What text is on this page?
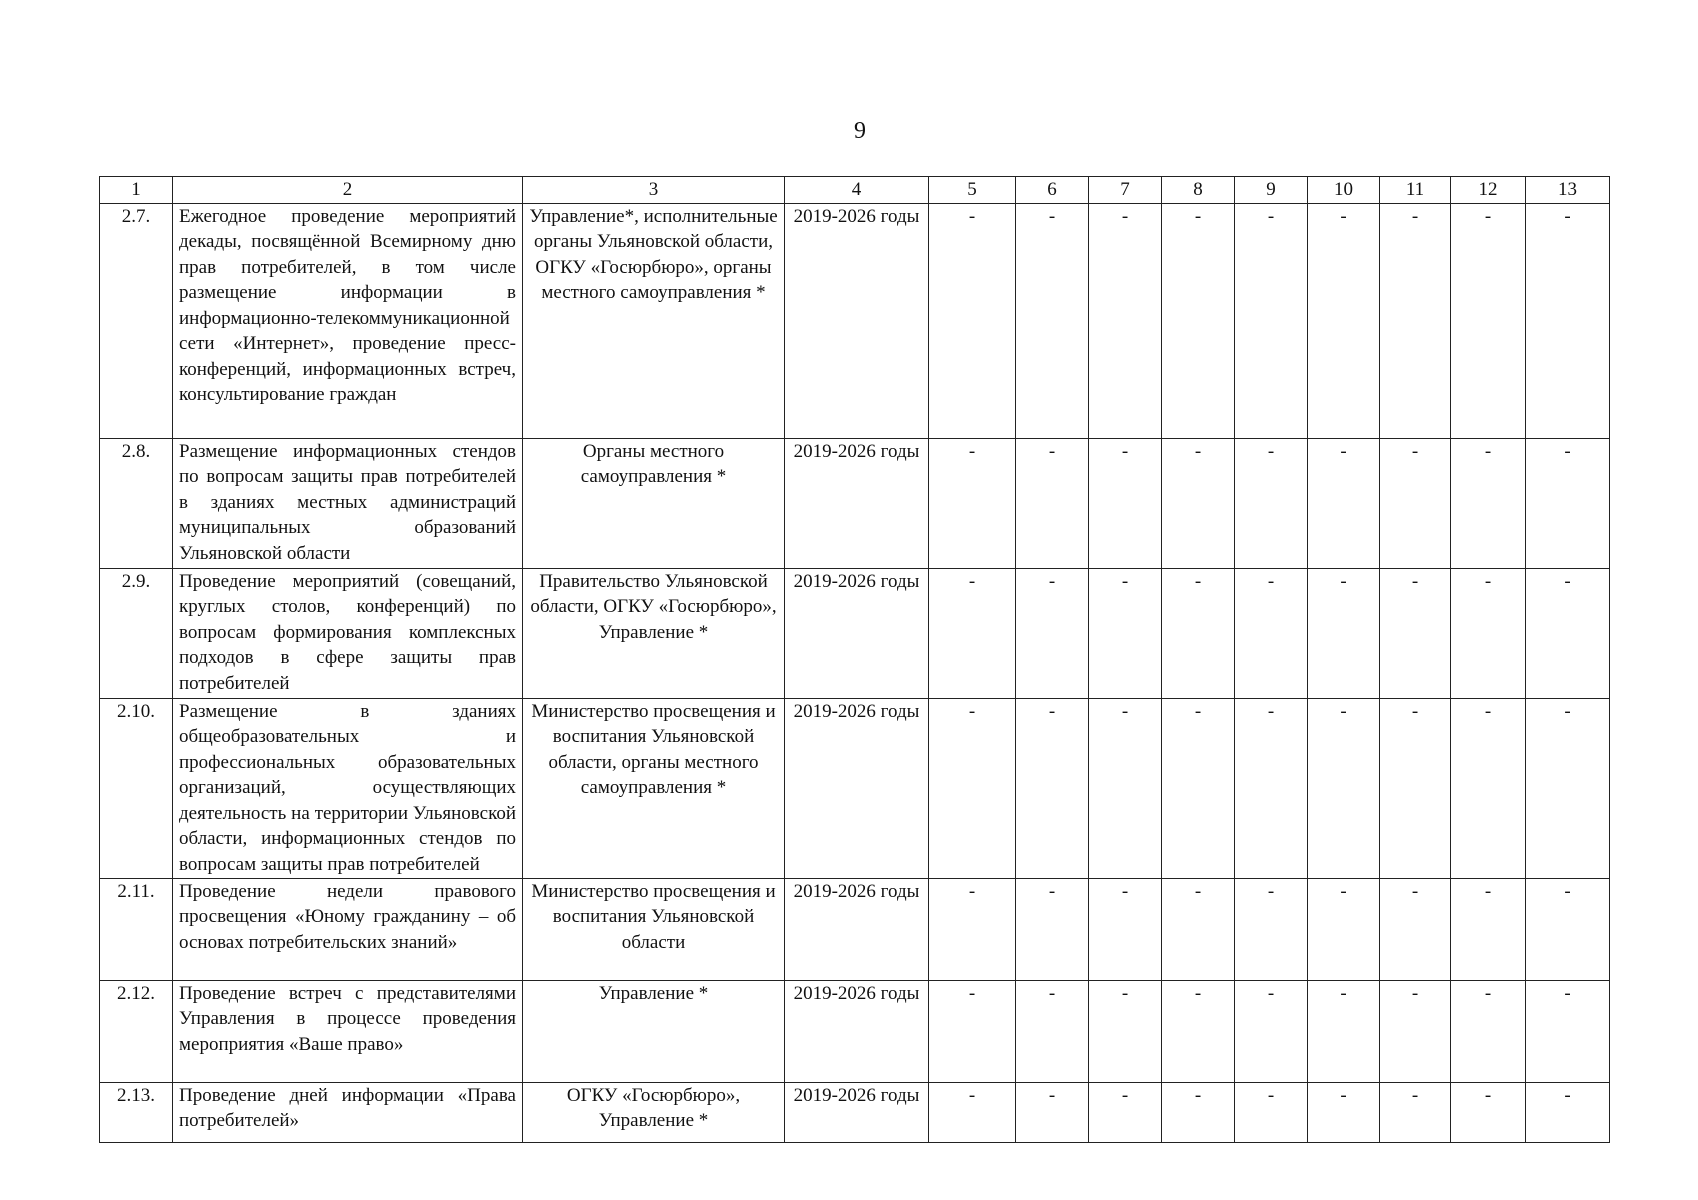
9
1	2	3	4	5	6	7	8	9	10	11	12	13
2.7.	Ежегодное проведение мероприятий декады, посвящённой Всемирному дню прав потребителей, в том числе размещение информации в информационно-телекоммуникационной сети «Интернет», проведение пресс-конференций, информационных встреч, консультирование граждан	Управление*, исполнительные органы Ульяновской области, ОГКУ «Госюрбюро», органы местного самоуправления *	2019-2026 годы	-	-	-	-	-	-	-	-	-
2.8.	Размещение информационных стендов по вопросам защиты прав потребителей в зданиях местных администраций муниципальных образований Ульяновской области	Органы местного самоуправления *	2019-2026 годы	-	-	-	-	-	-	-	-	-
2.9.	Проведение мероприятий (совещаний, круглых столов, конференций) по вопросам формирования комплексных подходов в сфере защиты прав потребителей	Правительство Ульяновской области, ОГКУ «Госюрбюро», Управление *	2019-2026 годы	-	-	-	-	-	-	-	-	-
2.10.	Размещение в зданиях общеобразовательных и профессиональных образовательных организаций, осуществляющих деятельность на территории Ульяновской области, информационных стендов по вопросам защиты прав потребителей	Министерство просвещения и воспитания Ульяновской области, органы местного самоуправления *	2019-2026 годы	-	-	-	-	-	-	-	-	-
2.11.	Проведение недели правового просвещения «Юному гражданину – об основах потребительских знаний»	Министерство просвещения и воспитания Ульяновской области	2019-2026 годы	-	-	-	-	-	-	-	-	-
2.12.	Проведение встреч с представителями Управления в процессе проведения мероприятия «Ваше право»	Управление *	2019-2026 годы	-	-	-	-	-	-	-	-	-
2.13.	Проведение дней информации «Права потребителей»	ОГКУ «Госюрбюро», Управление *	2019-2026 годы	-	-	-	-	-	-	-	-	-
